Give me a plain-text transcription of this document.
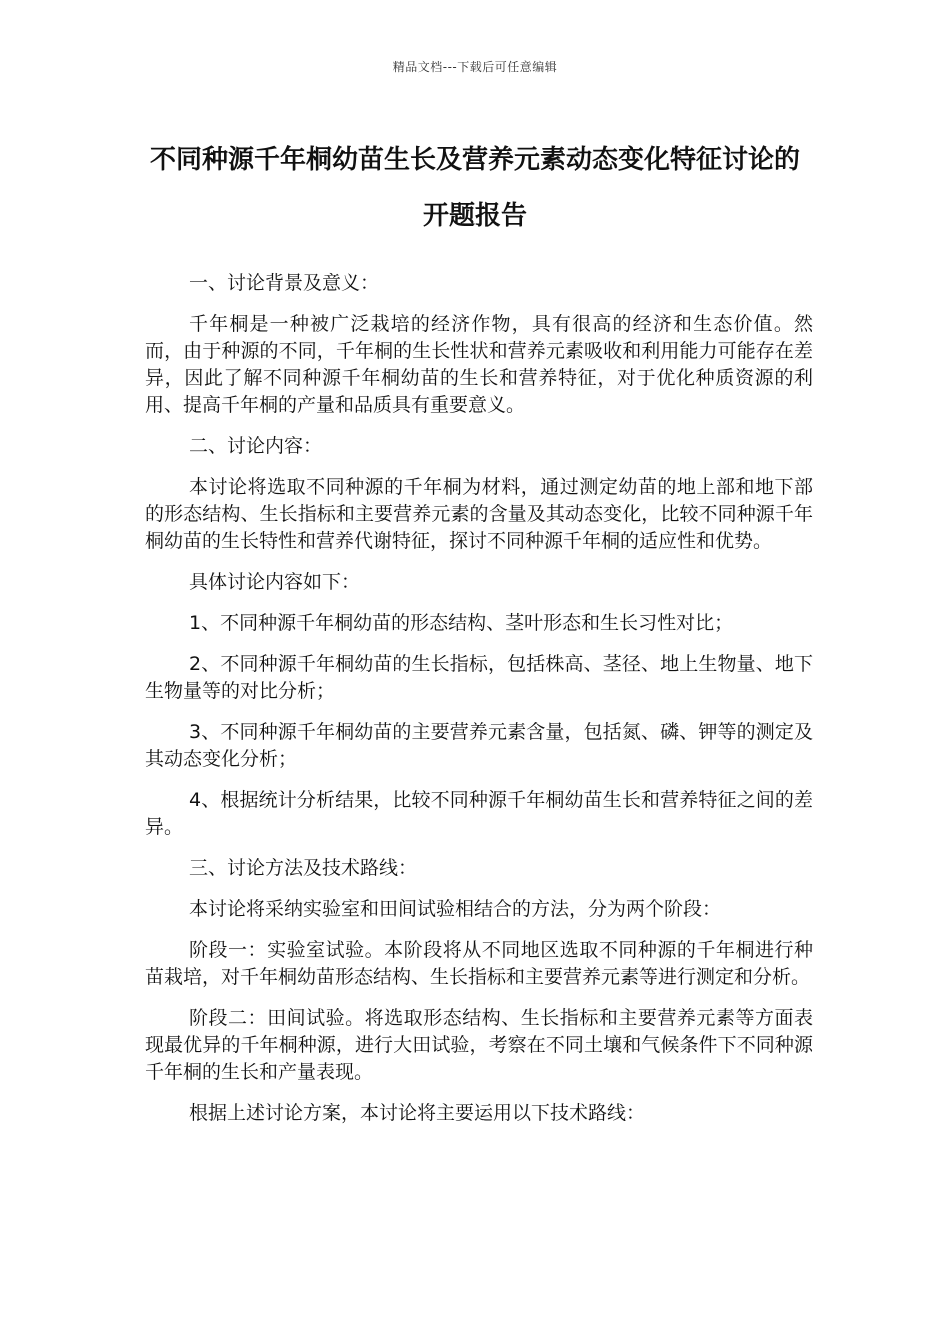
精品文档---下载后可任意编辑
不同种源千年桐幼苗生长及营养元素动态变化特征讨论的开题报告

一、讨论背景及意义：

千年桐是一种被广泛栽培的经济作物，具有很高的经济和生态价值。然而，由于种源的不同，千年桐的生长性状和营养元素吸收和利用能力可能存在差异，因此了解不同种源千年桐幼苗的生长和营养特征，对于优化种质资源的利用、提高千年桐的产量和品质具有重要意义。

二、讨论内容：

本讨论将选取不同种源的千年桐为材料，通过测定幼苗的地上部和地下部的形态结构、生长指标和主要营养元素的含量及其动态变化，比较不同种源千年桐幼苗的生长特性和营养代谢特征，探讨不同种源千年桐的适应性和优势。

具体讨论内容如下：

1、不同种源千年桐幼苗的形态结构、茎叶形态和生长习性对比；

2、不同种源千年桐幼苗的生长指标，包括株高、茎径、地上生物量、地下生物量等的对比分析；

3、不同种源千年桐幼苗的主要营养元素含量，包括氮、磷、钾等的测定及其动态变化分析；

4、根据统计分析结果，比较不同种源千年桐幼苗生长和营养特征之间的差异。

三、讨论方法及技术路线：

本讨论将采纳实验室和田间试验相结合的方法，分为两个阶段：

阶段一：实验室试验。本阶段将从不同地区选取不同种源的千年桐进行种苗栽培，对千年桐幼苗形态结构、生长指标和主要营养元素等进行测定和分析。

阶段二：田间试验。将选取形态结构、生长指标和主要营养元素等方面表现最优异的千年桐种源，进行大田试验，考察在不同土壤和气候条件下不同种源千年桐的生长和产量表现。

根据上述讨论方案，本讨论将主要运用以下技术路线：
